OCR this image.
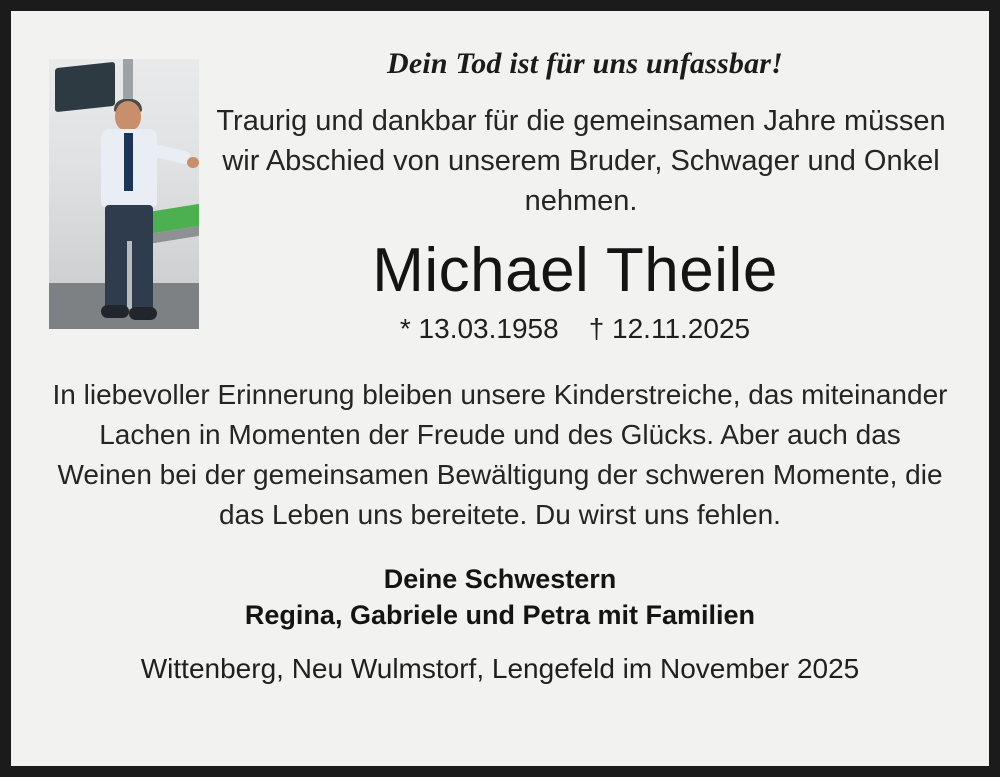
Dein Tod ist für uns unfassbar!

Traurig und dankbar für die gemeinsamen Jahre müssen wir Abschied von unserem Bruder, Schwager und Onkel nehmen.

Michael Theile

* 13.03.1958 † 12.11.2025

In liebevoller Erinnerung bleiben unsere Kinderstreiche, das miteinander Lachen in Momenten der Freude und des Glücks. Aber auch das Weinen bei der gemeinsamen Bewältigung der schweren Momente, die das Leben uns bereitete. Du wirst uns fehlen.

Deine Schwestern
Regina, Gabriele und Petra mit Familien

Wittenberg, Neu Wulmstorf, Lengefeld im November 2025
